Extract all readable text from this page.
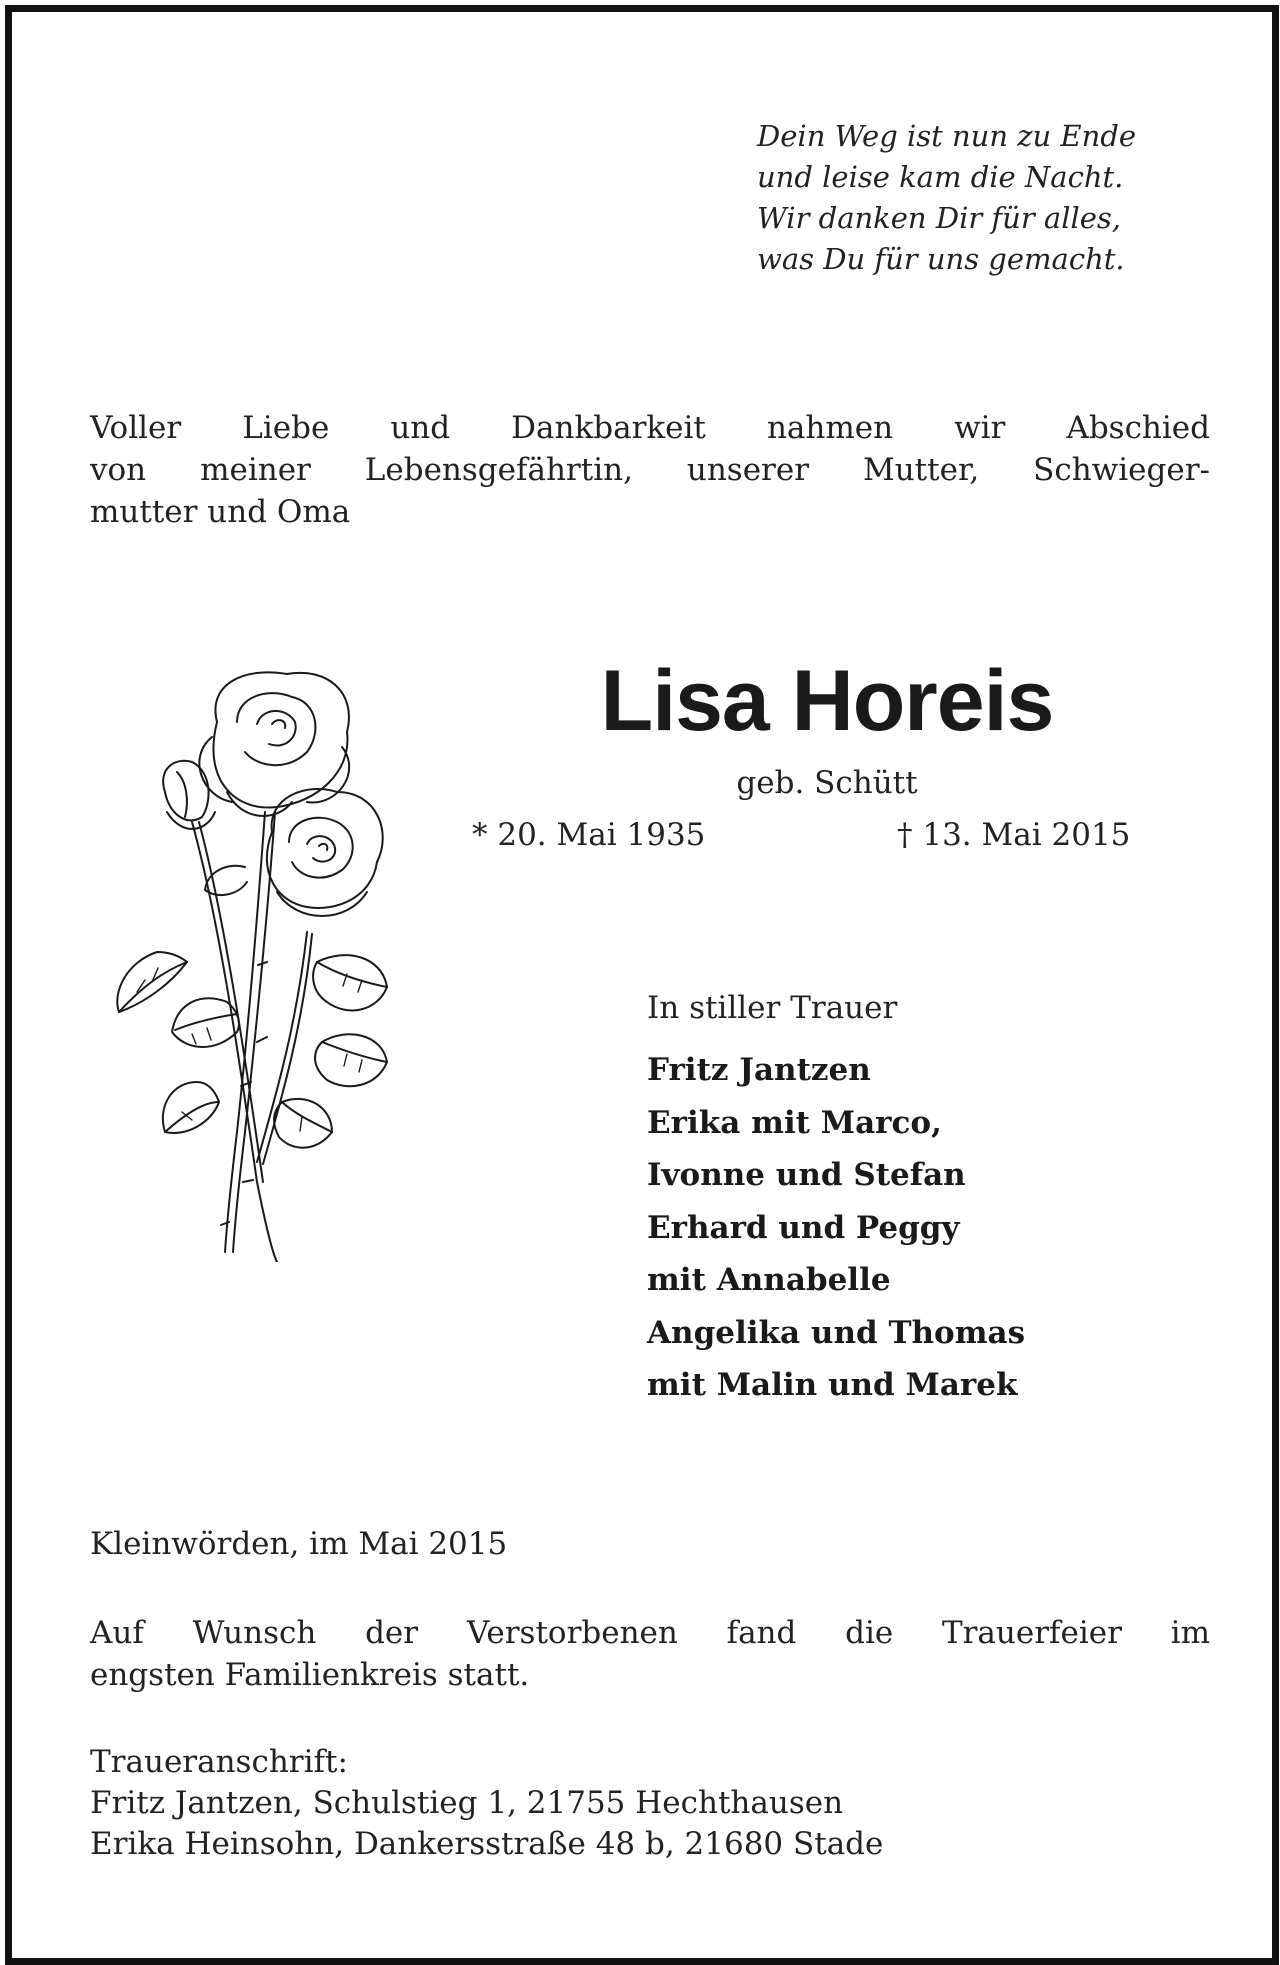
Dein Weg ist nun zu Ende
und leise kam die Nacht.
Wir danken Dir für alles,
was Du für uns gemacht.
Voller Liebe und Dankbarkeit nahmen wir Abschied
von meiner Lebensgefährtin, unserer Mutter, Schwieger-
mutter und Oma
Lisa Horeis
geb. Schütt
* 20. Mai 1935	† 13. Mai 2015
In stiller Trauer
Fritz Jantzen
Erika mit Marco,
Ivonne und Stefan
Erhard und Peggy
mit Annabelle
Angelika und Thomas
mit Malin und Marek
Kleinwörden, im Mai 2015
Auf Wunsch der Verstorbenen fand die Trauerfeier im
engsten Familienkreis statt.
Traueranschrift:
Fritz Jantzen, Schulstieg 1, 21755 Hechthausen
Erika Heinsohn, Dankersstraße 48 b, 21680 Stade
